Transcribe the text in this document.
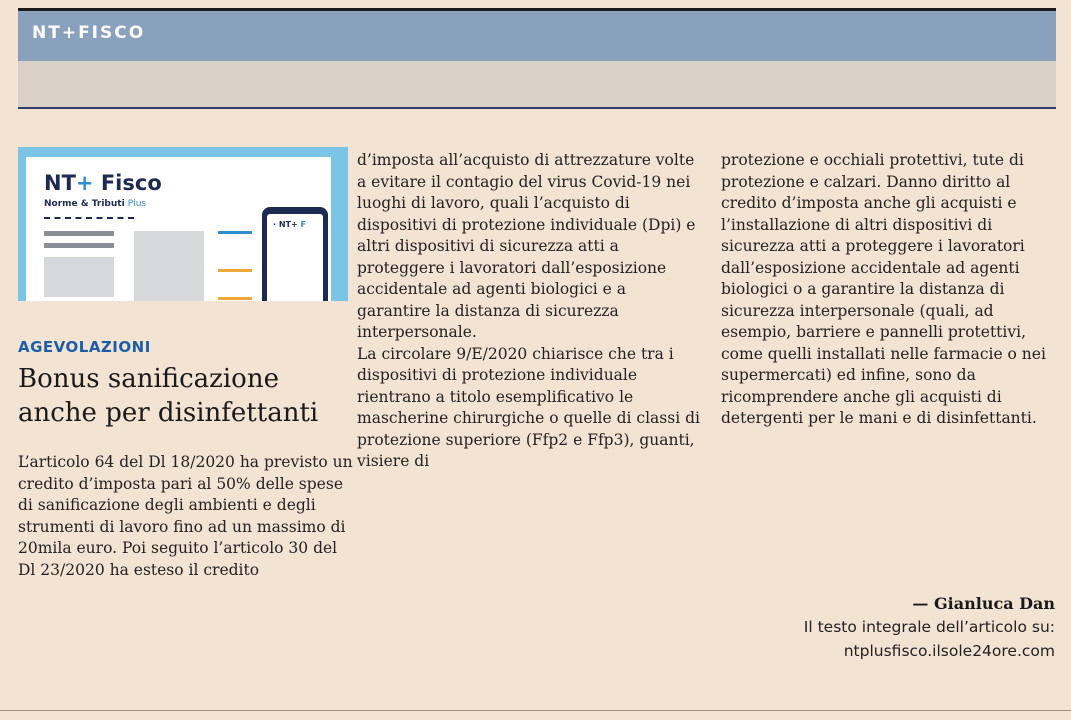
NT+FISCO
NT+ Fisco
Norme & Tributi Plus
· NT+ F
AGEVOLAZIONI
Bonus sanificazione anche per disinfettanti

L’articolo 64 del Dl 18/2020 ha previsto un credito d’imposta pari al 50% delle spese di sanificazione degli ambienti e degli strumenti di lavoro fino ad un massimo di 20mila euro. Poi seguito l’articolo 30 del Dl 23/2020 ha esteso il credito

d’imposta all’acquisto di attrezzature volte a evitare il contagio del virus Covid-19 nei luoghi di lavoro, quali l’acquisto di dispositivi di protezione individuale (Dpi) e altri dispositivi di sicurezza atti a proteggere i lavoratori dall’esposizione accidentale ad agenti biologici e a garantire la distanza di sicurezza interpersonale.
La circolare 9/E/2020 chiarisce che tra i dispositivi di protezione individuale rientrano a titolo esemplificativo le mascherine chirurgiche o quelle di classi di protezione superiore (Ffp2 e Ffp3), guanti, visiere di

protezione e occhiali protettivi, tute di protezione e calzari. Danno diritto al credito d’imposta anche gli acquisti e l’installazione di altri dispositivi di sicurezza atti a proteggere i lavoratori dall’esposizione accidentale ad agenti biologici o a garantire la distanza di sicurezza interpersonale (quali, ad esempio, barriere e pannelli protettivi, come quelli installati nelle farmacie o nei supermercati) ed infine, sono da ricomprendere anche gli acquisti di detergenti per le mani e di disinfettanti.

— Gianluca Dan
Il testo integrale dell’articolo su:
ntplusfisco.ilsole24ore.com
